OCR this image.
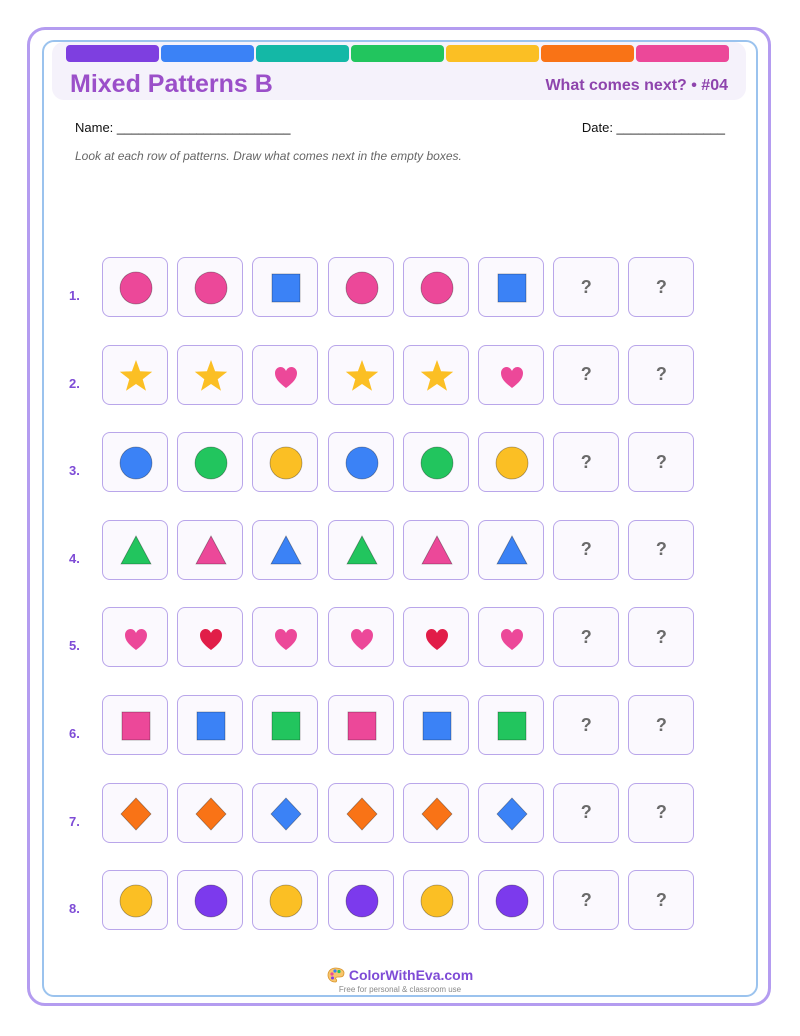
Mixed Patterns B	What comes next? • #04
Name: ________________________	Date: _______________
Look at each row of patterns. Draw what comes next in the empty boxes.
1.	?	?
2.	?	?
3.	?	?
4.	?	?
5.	?	?
6.	?	?
7.	?	?
8.	?	?
ColorWithEva.com
Free for personal & classroom use
